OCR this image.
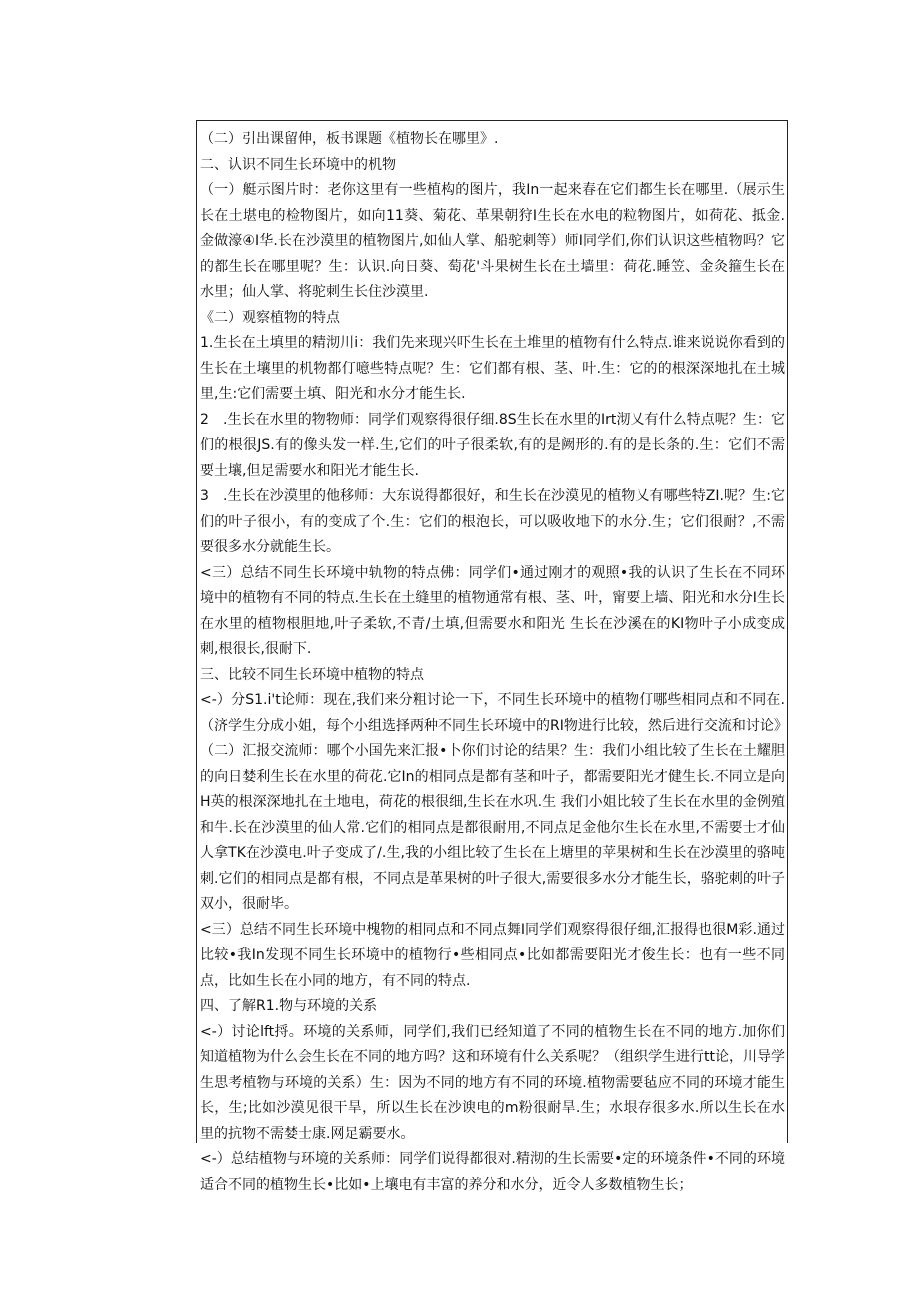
（二）引出课留伸，板书课题《植物长在哪里》.

二、认识不同生长环境中的机物

（一）艇示图片时：老你这里有一些植构的图片，我In一起来春在它们都生长在哪里.（展示生长在土堪电的检物图片，如向11葵、菊花、革果朝狩I生长在水电的粒物图片，如荷花、抵金.金做濠④I华.长在沙漠里的植物图片,如仙人掌、船驼刺等）师I同学们,你们认识这些植物吗？它的都生长在哪里呢？生：认识.向日葵、萄花'斗果树生长在土墙里：荷花.睡笠、金灸箍生长在水里；仙人掌、将驼刺生长住沙漠里.

《二）观察植物的特点

1.生长在土填里的精沏川i：我们先来现兴吓生长在土堆里的植物有什么特点.谁来说说你看到的生长在土壤里的机物都仃噫些特点呢？生：它们都有根、茎、叶.生：它的的根深深地扎在土城里,生:它们需要土填、阳光和水分才能生长.

2　.生长在水里的物物师：同学们观察得很仔细.8S生长在水里的Irt沏乂有什么特点呢？生：它们的根很JS.有的像头发一样.生,它们的叶子很柔软,有的是阙形的.有的是长条的.生：它们不需要土壤,但足需要水和阳光才能生长.

3　.生长在沙漠里的他移师：大东说得都很好，和生长在沙漠见的植物乂有哪些特ZI.呢？生:它们的叶子很小，有的变成了个.生：它们的根泡长，可以吸收地下的水分.生；它们很耐？,不需要很多水分就能生长。

<三）总结不同生长环境中轨物的特点佛：同学们•通过刚才的观照•我的认识了生长在不同环境中的植物有不同的特点.生长在土缝里的植物通常有根、茎、叶，甯要上墙、阳光和水分I生长在水里的植物根胆地,叶子柔软,不青/土填,但需要水和阳光 生长在沙溪在的KI物叶子小成变成刺,根很长,很耐下.

三、比较不同生长环境中植物的特点

<-）分S1.i't论师：现在,我们来分粗讨论一下，不同生长环境中的植物仃哪些相同点和不同在.（济学生分成小姐，每个小组选择两种不同生长环境中的RI物进行比较，然后进行交流和讨论》

（二）汇报交流师：哪个小国先来汇报•卜你们讨论的结果？生：我们小组比较了生长在土耀胆的向日婪利生长在水里的荷花.它In的相同点是都有茎和叶子，都需要阳光才健生长.不同立是向H英的根深深地扎在土地电，荷花的根很细,生长在水巩.生 我们小姐比较了生长在水里的金例殖和牛.长在沙漠里的仙人常.它们的相同点是都很耐用,不同点足金他尔生长在水里,不需要士才仙人拿TK在沙漠电.叶子变成了/.生,我的小组比较了生长在上塘里的苹果树和生长在沙漠里的骆吨刺.它们的相同点是都有根，不同点是革果树的叶子很大,需要很多水分才能生长，骆驼刺的叶子双小，很耐毕。

<三）总结不同生长环境中槐物的相同点和不同点舞I同学们观察得很仔细,汇报得也很M彩.通过比较•我In发现不同生长环境中的植物行•些相同点•比如都需要阳光才俊生长：也有一些不同点，比如生长在小同的地方，有不同的特点.

四、了解R1.物与环境的关系

<-）讨论lft捋。环境的关系师，同学们,我们已经知道了不同的植物生长在不同的地方.加你们知道植物为什么会生长在不同的地方吗？这和环境有什么关系呢？（组织学生进行tt论，川导学生思考植物与环境的关系）生：因为不同的地方有不同的环境.植物需要毡应不同的环境才能生长，生;比如沙漠见很干旱，所以生长在沙谀电的m粉很耐旱.生；水垠存很多水.所以生长在水里的抗物不需婪士康.网足霸要水。

<-）总结植物与环境的关系师：同学们说得都很对.精沏的生长需要•定的环境条件•不同的环境适合不同的植物生长•比如•上壤电有丰富的养分和水分，近令人多数植物生长；
